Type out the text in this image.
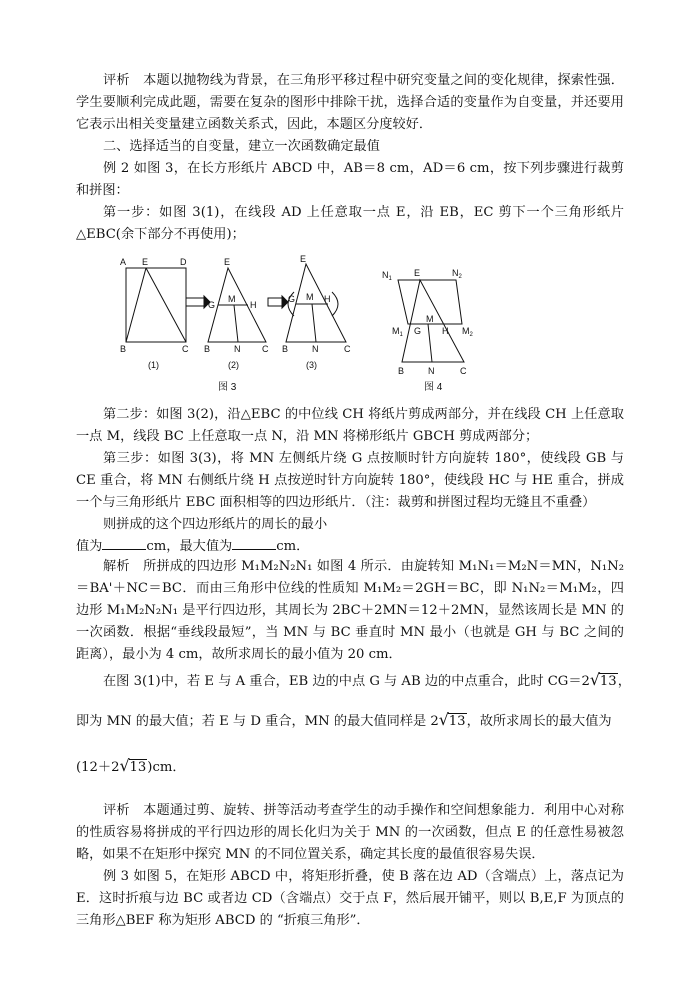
评析　本题以抛物线为背景，在三角形平移过程中研究变量之间的变化规律，探索性强．学生要顺利完成此题，需要在复杂的图形中排除干扰，选择合适的变量作为自变量，并还要用它表示出相关变量建立函数关系式，因此，本题区分度较好．
二、选择适当的自变量，建立一次函数确定最值
例 2 如图 3，在长方形纸片 ABCD 中，AB＝8 cm，AD＝6 cm，按下列步骤进行裁剪和拼图：
第一步：如图 3(1)，在线段 AD 上任意取一点 E，沿 EB，EC 剪下一个三角形纸片△EBC(余下部分不再使用)；
A E	D
B	C
(1)
E
G
M
H
B	N C
(2)
E
G M H
B	N	C
(3)
图 3
$N_1$
E	$N_2$
$M_1$ G
M
H $M_2$
B	N	C
图 4
第二步：如图 3(2)，沿△EBC 的中位线 CH 将纸片剪成两部分，并在线段 CH 上任意取一点 M，线段 BC 上任意取一点 N，沿 MN 将梯形纸片 GBCH 剪成两部分；
第三步：如图 3(3)，将 MN 左侧纸片绕 G 点按顺时针方向旋转 180°，使线段 GB 与 CE 重合，将 MN 右侧纸片绕 H 点按逆时针方向旋转 180°，使线段 HC 与 HE 重合，拼成一个与三角形纸片 EBC 面积相等的四边形纸片．（注：裁剪和拼图过程均无缝且不重叠）
则拼成的这个四边形纸片的周长的最小
值为	cm，最大值为	cm．
解析　所拼成的四边形 M₁M₂N₂N₁ 如图 4 所示．由旋转知 M₁N₁＝M₂N＝MN，N₁N₂＝BA'＋NC＝BC．而由三角形中位线的性质知 M₁M₂＝2GH＝BC，即 N₁N₂＝M₁M₂，四边形 M₁M₂N₂N₁ 是平行四边形，其周长为 2BC＋2MN＝12＋2MN，显然该周长是 MN 的一次函数．根据“垂线段最短”，当 MN 与 BC 垂直时 MN 最小（也就是 GH 与 BC 之间的距离），最小为 4 cm，故所求周长的最小值为 20 cm．
在图 3(1)中，若 E 与 A 重合，EB 边的中点 G 与 AB 边的中点重合，此时 CG＝2 √ 13，
即为 MN 的最大值；若 E 与 D 重合，MN 的最大值同样是 2 √ 13，故所求周长的最大值为
(12＋2 √ 13)cm．
评析　本题通过剪、旋转、拼等活动考查学生的动手操作和空间想象能力．利用中心对称的性质容易将拼成的平行四边形的周长化归为关于 MN 的一次函数，但点 E 的任意性易被忽略，如果不在矩形中探究 MN 的不同位置关系，确定其长度的最值很容易失误．
例 3 如图 5，在矩形 ABCD 中，将矩形折叠，使 B 落在边 AD（含端点）上，落点记为 E．这时折痕与边 BC 或者边 CD（含端点）交于点 F，然后展开铺平，则以 B,E,F 为顶点的三角形△BEF 称为矩形 ABCD 的 “折痕三角形”．
